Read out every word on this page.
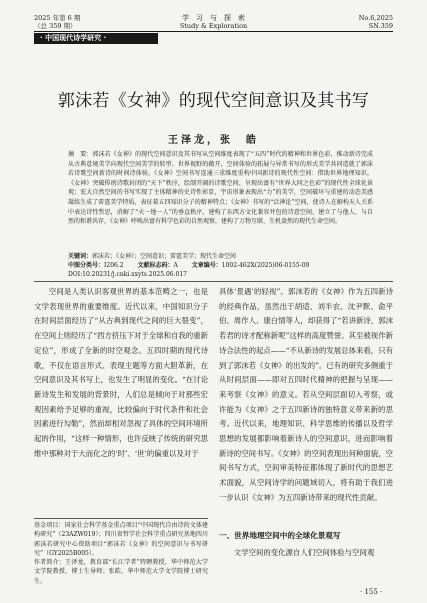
2025 年第 6 期
（总 359 期）
学　习　与　探　索
Study & Exploration
No.6,2025
SN.359
· 中国现代诗学研究 ·
郭沫若《女神》的现代空间意识及其书写
王泽龙，张　皓
摘　要：郭沫若《女神》的现代空间意识及其书写从空间维度表现了“五四”时代的精神和世界色彩，推动新诗完成从古典意境美学向现代空间美学的转型。世界视野的敞开，空间体验的拓展与异常书写的形式美学共同造就了郭沫若诗歌空间新诗的时间诗体验。《女神》空间书写连通三重维度重构中国新诗的现代性空间：借助世界地理知识，《女神》突破传统诗歌封闭的“天下”秩序，绘制开阔的诗歌空间，呈现出富有“世界大同之色彩”的现代性全球化景观；宏大自然空间的书写实现了主体精神的史诗性彰显，宇宙形象表现出“力”的美学，空间破坏与重建的动态美感凝练生成了雷霆美学特质，表征着五四知识分子的精神特点；《女神》书写的“泛神论”空间，使诗人在解构天人关系中表达诗性哲思，消解了“天一地一人”的垂直秩序，建构了东西方文化兼容并包的诗意空间，建立了与他人、与自然的和谐共存，《女神》呼唤出富有科学色彩的自然观察，建构了万物互联、生机盎然的现代生命空间。
关键词：郭沫若；《女神》；空间意识；雷霆美学；现代生命空间
中图分类号：I206.2 文献标志码：A 文章编号：1002-462X(2025)06-0155-09
DOI:10.20231/j.cnki.xxyts.2025.06.017

空间是人类认识客观世界的基本范畴之一，也是文学表现世界的重要维度。近代以来，中国知识分子在时间层面经历了“从古典到现代之间的巨大裂变”，在空间上则经历了“西方挤压下对于全球和自我的重新定位”，形成了全新的时空观念。五四时期的现代诗歌，不仅在语言形式、表现主题等方面大胆革新，在空间意识及其书写上，也发生了明显的变化。“在讨论新诗发生和发展的背景时，人们总是倾向于对那些宏观因素给予足够的重视，比较偏向于时代条件和社会因素进行勾勒”，然而却相对忽视了具体的空间环境所起的作用，“这样一种情形，也许反映了传统的研究思维中那种对于大而化之的‘时’、‘世’的偏重以及对于

具体‘景遇’的轻视”。郭沫若的《女神》作为五四新诗的经典作品，虽然出于胡适、刘半农、沈尹默、俞平伯、周作人、康白情等人，却获得了“若讲新诗，郭沫若君的诗才配称新呢”这样的高度赞誉。其至被视作新诗合法性的起点——“不从新诗的发展总体来看，只有到了郭沫若《女神》的出发的”。已有的研究多侧重于从时间层面——即对五四时代精神的把握与呈现——来考察《女神》的意义。若从空间层面切入考察，或许能为《女神》之于五四新诗的独特意义带来新的思考。近代以来，地理知识、科学思维的传播以及哲学思想的发展都影响着新诗人的空间意识，进而影响着新诗的空间书写。《女神》的空间表现出何种面貌，空间书写方式，空间审美特征都体现了新时代的思想艺术面貌，从空间诗学的问题域切入，将有助于我们进一步认识《女神》为五四新诗带来的现代性贡献。

基金项目：国家社会科学基金重点项目“中国现代自由诗的文体建构研究”（23AZW019）；四川省哲学社会科学重点研究基地四川郭沫若研究中心资助项目“郭沫若《女神》的空间意识与书写研究”（GY2025B005）。
作者简介：王泽龙，教育部“长江学者”特聘教授，华中师范大学文学院教授，博士生导师；张皓，华中师范大学文学院博士研究生。
一、世界地理空间中的全球化景观写
文学空间的变化源自人们空间体验与空间观
· 155 ·
